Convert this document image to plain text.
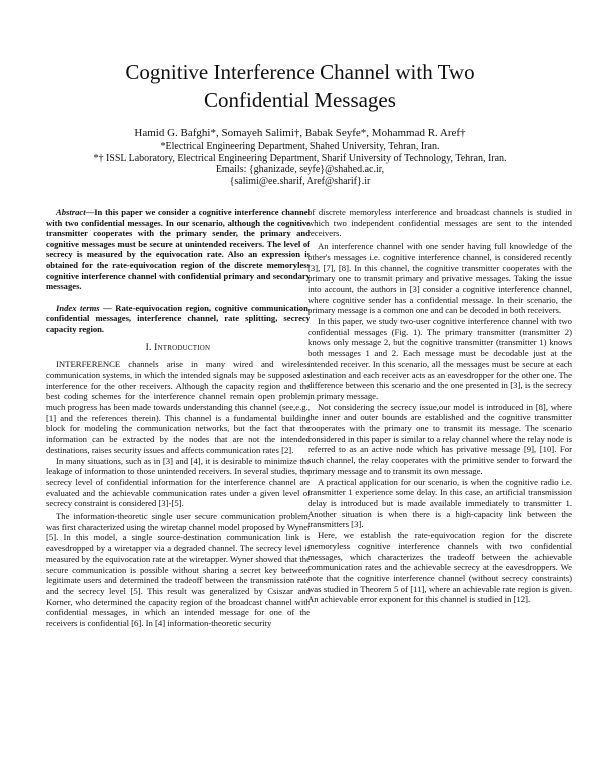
Cognitive Interference Channel with Two
Confidential Messages
Hamid G. Bafghi*, Somayeh Salimi†, Babak Seyfe*, Mohammad R. Aref†
*Electrical Engineering Department, Shahed University, Tehran, Iran.
*† ISSL Laboratory, Electrical Engineering Department, Sharif University of Technology, Tehran, Iran.
Emails: {ghanizade, seyfe}@shahed.ac.ir,
{salimi@ee.sharif, Aref@sharif}.ir

Abstract—In this paper we consider a cognitive interference channel with two confidential messages. In our scenario, although the cognitive transmitter cooperates with the primary sender, the primary and cognitive messages must be secure at unintended receivers. The level of secrecy is measured by the equivocation rate. Also an expression is obtained for the rate-equivocation region of the discrete memoryless cognitive interference channel with confidential primary and secondary messages.

Index terms — Rate-equivocation region, cognitive communication, confidential messages, interference channel, rate splitting, secrecy capacity region.

I. Introduction

INTERFERENCE channels arise in many wired and wireless communication systems, in which the intended signals may be supposed as interference for the other receivers. Although the capacity region and the best coding schemes for the interference channel remain open problem, much progress has been made towards understanding this channel (see,e.g., [1] and the references therein). This channel is a fundamental building block for modeling the communication networks, but the fact that the information can be extracted by the nodes that are not the intended destinations, raises security issues and affects communication rates [2].

In many situations, such as in [3] and [4], it is desirable to minimize the leakage of information to those unintended receivers. In several studies, the secrecy level of confidential information for the interference channel are evaluated and the achievable communication rates under a given level of secrecy constraint is considered [3]-[5].

The information-theoretic single user secure communication problem, was first characterized using the wiretap channel model proposed by Wyner [5]. In this model, a single source-destination communication link is eavesdropped by a wiretapper via a degraded channel. The secrecy level is measured by the equivocation rate at the wiretapper. Wyner showed that the secure communication is possible without sharing a secret key between legitimate users and determined the tradeoff between the transmission rate and the secrecy level [5]. This result was generalized by Csiszar and Korner, who determined the capacity region of the broadcast channel with confidential messages, in which an intended message for one of the receivers is confidential [6]. In [4] information-theoretic security

of discrete memoryless interference and broadcast channels is studied in which two independent confidential messages are sent to the intended receivers.

An interference channel with one sender having full knowledge of the other's messages i.e. cognitive interference channel, is considered recently [3], [7], [8]. In this channel, the cognitive transmitter cooperates with the primary one to transmit primary and privative messages. Taking the issue into account, the authors in [3] consider a cognitive interference channel, where cognitive sender has a confidential message. In their scenario, the primary message is a common one and can be decoded in both receivers.

In this paper, we study two-user cognitive interference channel with two confidential messages (Fig. 1). The primary transmitter (transmitter 2) knows only message 2, but the cognitive transmitter (transmitter 1) knows both messages 1 and 2. Each message must be decodable just at the intended receiver. In this scenario, all the messages must be secure at each destination and each receiver acts as an eavesdropper for the other one. The difference between this scenario and the one presented in [3], is the secrecy in primary message.

Not considering the secrecy issue,our model is introduced in [8], where the inner and outer bounds are established and the cognitive transmitter cooperates with the primary one to transmit its message. The scenario considered in this paper is similar to a relay channel where the relay node is referred to as an active node which has privative message [9], [10]. For such channel, the relay cooperates with the primitive sender to forward the primary message and to transmit its own message.

A practical application for our scenario, is when the cognitive radio i.e. transmitter 1 experience some delay. In this case, an artificial transmission delay is introduced but is made available immediately to transmitter 1. Another situation is when there is a high-capacity link between the transmitters [3].

Here, we establish the rate-equivocation region for the discrete memoryless cognitive interference channels with two confidential messages, which characterizes the tradeoff between the achievable communication rates and the achievable secrecy at the eavesdroppers. We note that the cognitive interference channel (without secrecy constraints) was studied in Theorem 5 of [11], where an achievable rate region is given. An achievable error exponent for this channel is studied in [12].
